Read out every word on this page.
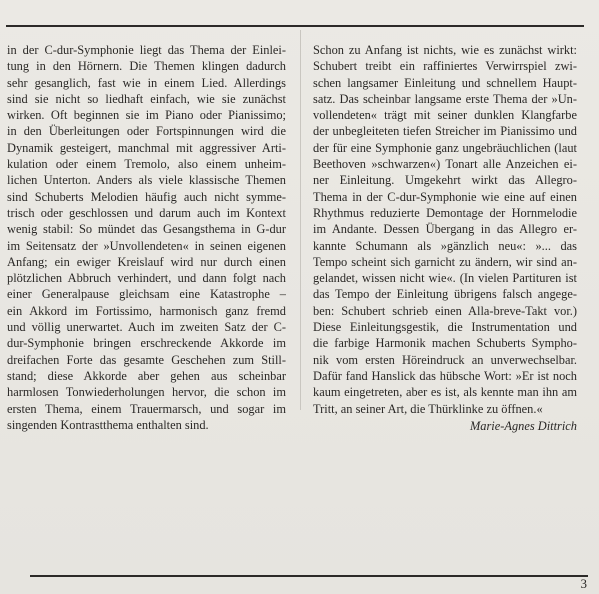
in der C-dur-Symphonie liegt das Thema der Einlei-
tung in den Hörnern. Die Themen klingen dadurch
sehr gesanglich, fast wie in einem Lied. Allerdings
sind sie nicht so liedhaft einfach, wie sie zunächst
wirken. Oft beginnen sie im Piano oder Pianissimo;
in den Überleitungen oder Fortspinnungen wird die
Dynamik gesteigert, manchmal mit aggressiver Arti-
kulation oder einem Tremolo, also einem unheim-
lichen Unterton. Anders als viele klassische Themen
sind Schuberts Melodien häufig auch nicht symme-
trisch oder geschlossen und darum auch im Kontext
wenig stabil: So mündet das Gesangsthema in G-dur
im Seitensatz der »Unvollendeten« in seinen eigenen
Anfang; ein ewiger Kreislauf wird nur durch einen
plötzlichen Abbruch verhindert, und dann folgt nach
einer Generalpause gleichsam eine Katastrophe –
ein Akkord im Fortissimo, harmonisch ganz fremd
und völlig unerwartet. Auch im zweiten Satz der C-
dur-Symphonie bringen erschreckende Akkorde im
dreifachen Forte das gesamte Geschehen zum Still-
stand; diese Akkorde aber gehen aus scheinbar
harmlosen Tonwiederholungen hervor, die schon im
ersten Thema, einem Trauermarsch, und sogar im
singenden Kontrastthema enthalten sind.
Schon zu Anfang ist nichts, wie es zunächst wirkt:
Schubert treibt ein raffiniertes Verwirrspiel zwi-
schen langsamer Einleitung und schnellem Haupt-
satz. Das scheinbar langsame erste Thema der »Un-
vollendeten« trägt mit seiner dunklen Klangfarbe
der unbegleiteten tiefen Streicher im Pianissimo und
der für eine Symphonie ganz ungebräuchlichen (laut
Beethoven »schwarzen«) Tonart alle Anzeichen ei-
ner Einleitung. Umgekehrt wirkt das Allegro-
Thema in der C-dur-Symphonie wie eine auf einen
Rhythmus reduzierte Demontage der Hornmelodie
im Andante. Dessen Übergang in das Allegro er-
kannte Schumann als »gänzlich neu«: »... das
Tempo scheint sich garnicht zu ändern, wir sind an-
gelandet, wissen nicht wie«. (In vielen Partituren ist
das Tempo der Einleitung übrigens falsch angege-
ben: Schubert schrieb einen Alla-breve-Takt vor.)
Diese Einleitungsgestik, die Instrumentation und
die farbige Harmonik machen Schuberts Sympho-
nik vom ersten Höreindruck an unverwechselbar.
Dafür fand Hanslick das hübsche Wort: »Er ist noch
kaum eingetreten, aber es ist, als kennte man ihn am
Tritt, an seiner Art, die Thürklinke zu öffnen.«
Marie-Agnes Dittrich
3
